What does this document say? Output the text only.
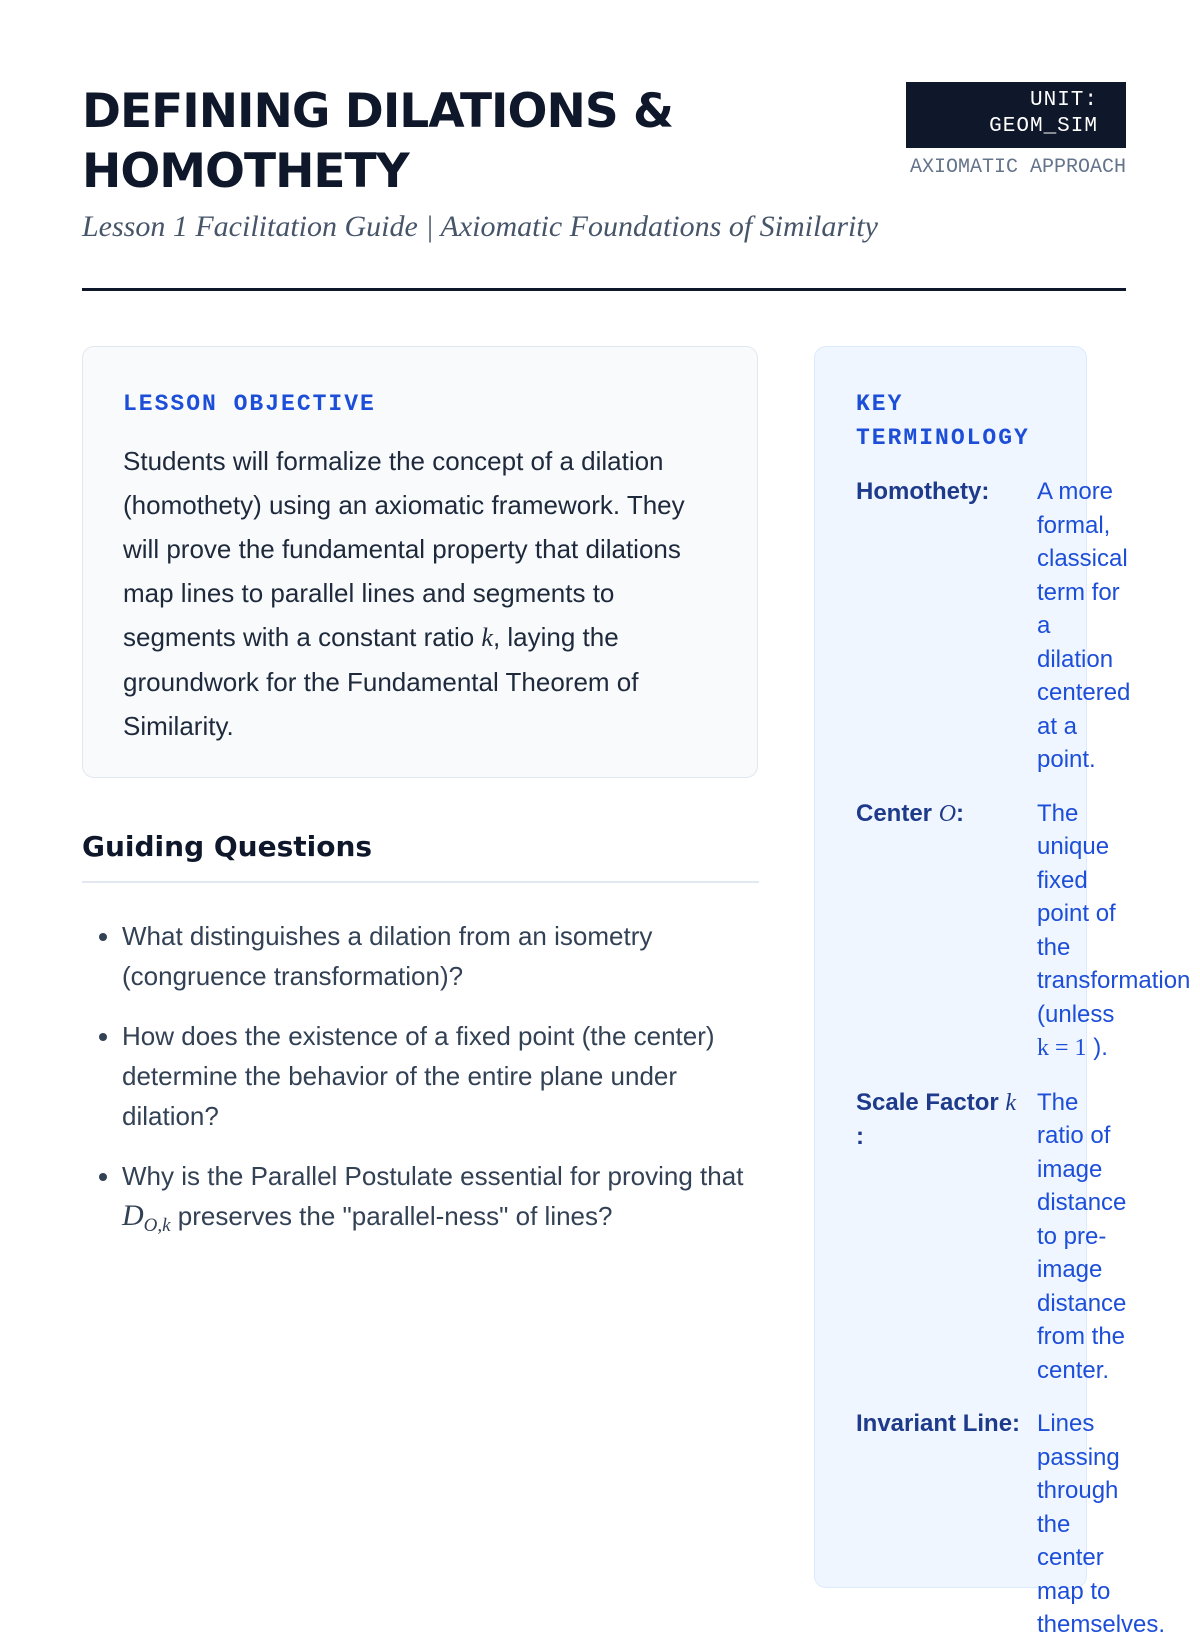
DEFINING DILATIONS & HOMOTHETY
Lesson 1 Facilitation Guide | Axiomatic Foundations of Similarity
UNIT: GEOM_SIM
AXIOMATIC APPROACH
LESSON OBJECTIVE
Students will formalize the concept of a dilation (homothety) using an axiomatic framework. They will prove the fundamental property that dilations map lines to parallel lines and segments to segments with a constant ratio k, laying the groundwork for the Fundamental Theorem of Similarity.
Guiding Questions
• What distinguishes a dilation from an isometry (congruence transformation)?
• How does the existence of a fixed point (the center) determine the behavior of the entire plane under dilation?
• Why is the Parallel Postulate essential for proving that $D_{O,k}$ preserves the "parallel-ness" of lines?
KEY TERMINOLOGY
Homothety:	A more formal, classical term for a dilation centered at a point.
Center O:	The unique fixed point of the transformation (unless k = 1 ).
Scale Factor k
:
The ratio of image distance to pre-image distance from the center.
Invariant Line: Lines passing through the center map to themselves.
